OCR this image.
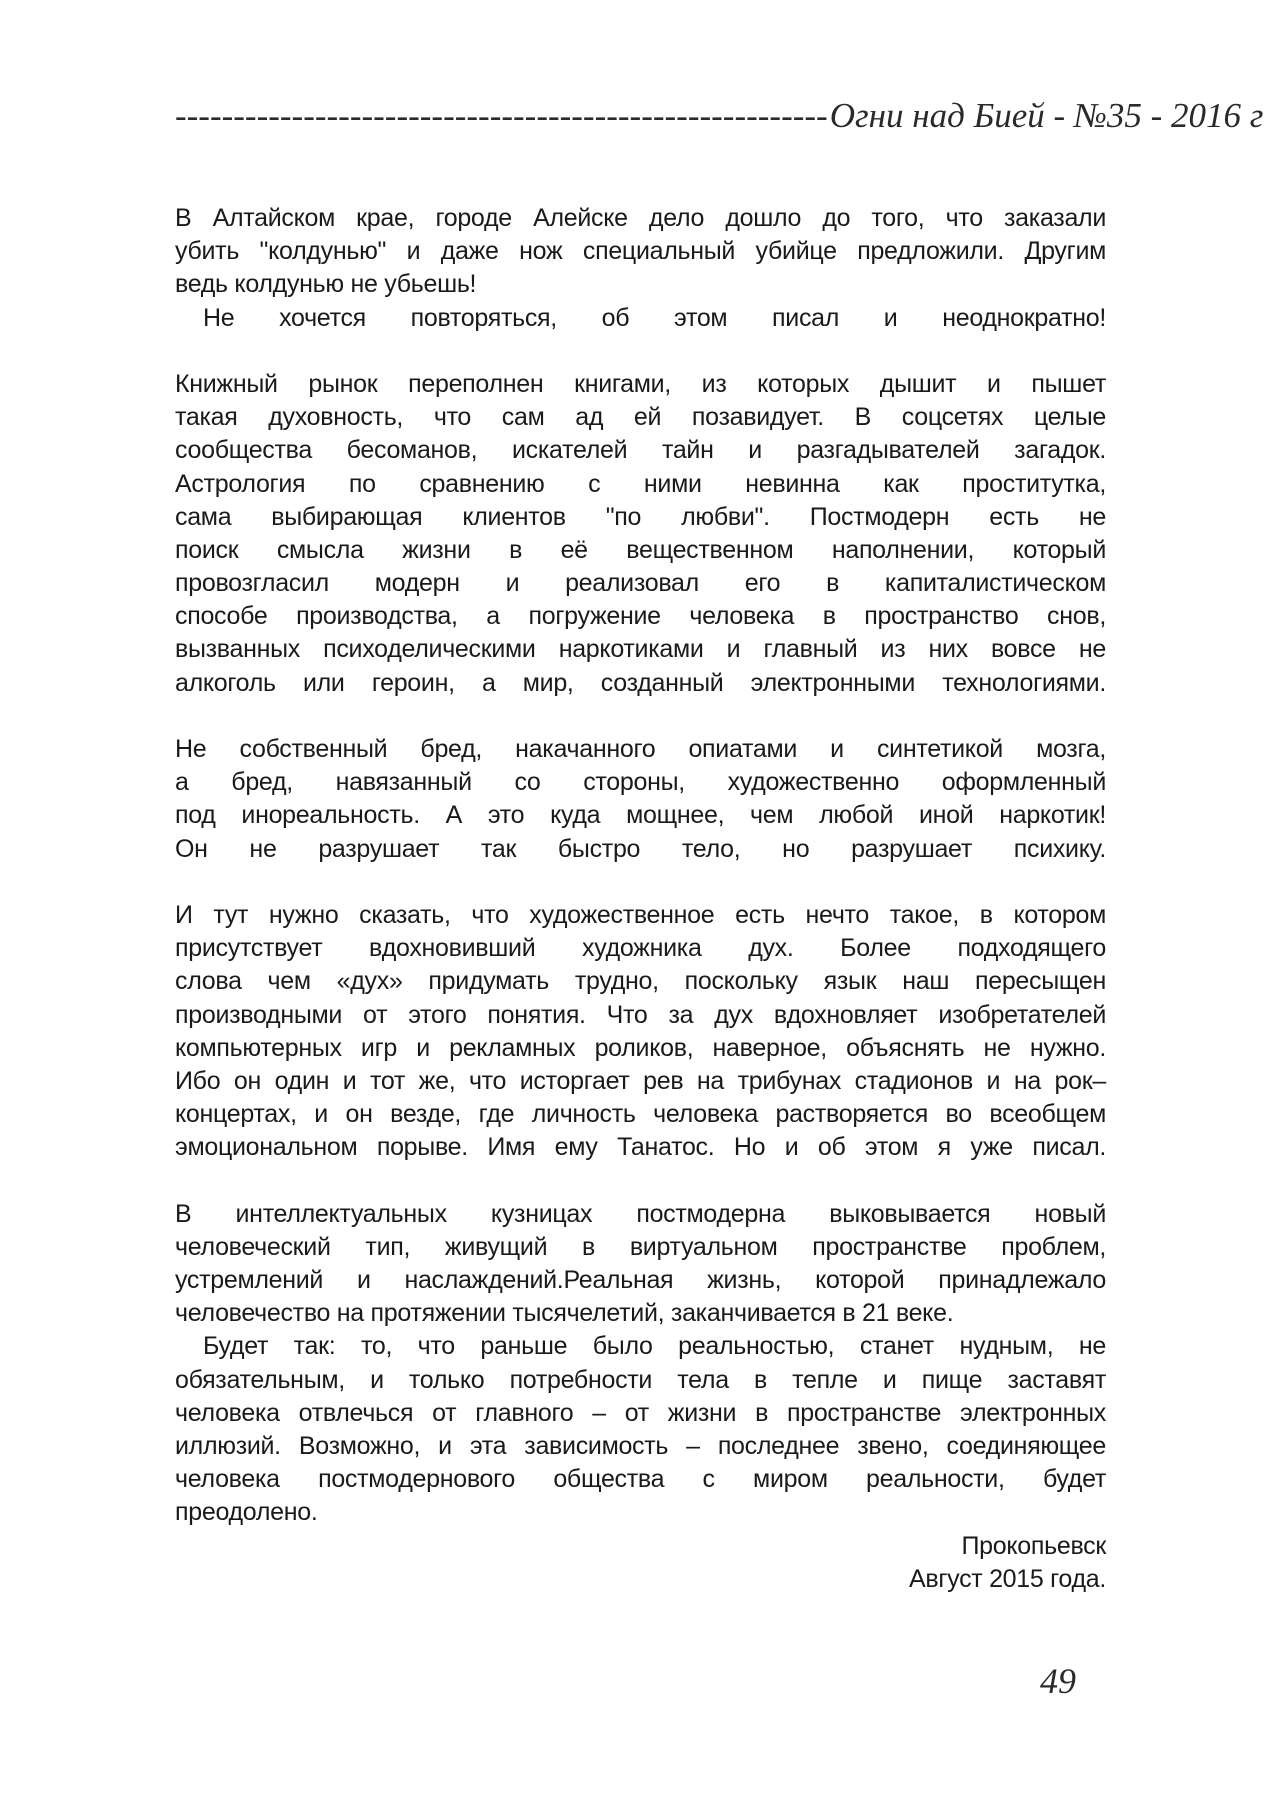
-------------------------------------------------------- Огни над Бией - №35 - 2016 г
В Алтайском крае, городе Алейске дело дошло до того, что заказали
убить "колдунью" и даже нож специальный убийце предложили. Другим
ведь колдунью не убьешь!
Не хочется повторяться, об этом писал и неоднократно!
Книжный рынок переполнен книгами, из которых дышит и пышет
такая духовность, что сам ад ей позавидует. В соцсетях целые
сообщества бесоманов, искателей тайн и разгадывателей загадок.
Астрология по сравнению с ними невинна как проститутка,
сама выбирающая клиентов "по любви". Постмодерн есть не
поиск смысла жизни в её вещественном наполнении, который
провозгласил модерн и реализовал его в капиталистическом
способе производства, а погружение человека в пространство снов,
вызванных психоделическими наркотиками и главный из них вовсе не
алкоголь или героин, а мир, созданный электронными технологиями.
Не собственный бред, накачанного опиатами и синтетикой мозга,
а бред, навязанный со стороны, художественно оформленный
под инореальность. А это куда мощнее, чем любой иной наркотик!
Он не разрушает так быстро тело, но разрушает психику.
И тут нужно сказать, что художественное есть нечто такое, в котором
присутствует вдохновивший художника дух. Более подходящего
слова чем «дух» придумать трудно, поскольку язык наш пересыщен
производными от этого понятия. Что за дух вдохновляет изобретателей
компьютерных игр и рекламных роликов, наверное, объяснять не нужно.
Ибо он один и тот же, что исторгает рев на трибунах стадионов и на рок–
концертах, и он везде, где личность человека растворяется во всеобщем
эмоциональном порыве. Имя ему Танатос. Но и об этом я уже писал.
В интеллектуальных кузницах постмодерна выковывается новый
человеческий тип, живущий в виртуальном пространстве проблем,
устремлений и наслаждений.Реальная жизнь, которой принадлежало
человечество на протяжении тысячелетий, заканчивается в 21 веке.
Будет так: то, что раньше было реальностью, станет нудным, не
обязательным, и только потребности тела в тепле и пище заставят
человека отвлечься от главного – от жизни в пространстве электронных
иллюзий. Возможно, и эта зависимость – последнее звено, соединяющее
человека постмодернового общества с миром реальности, будет
преодолено.
Прокопьевск
Август 2015 года.
49
